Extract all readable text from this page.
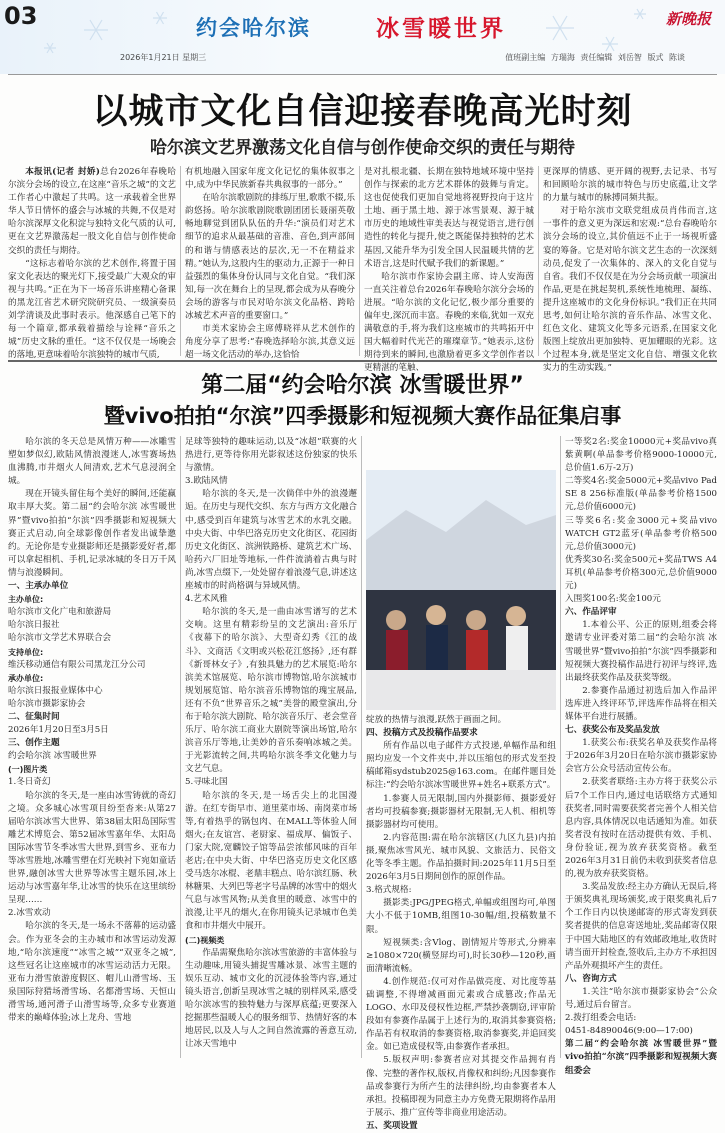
03	约会哈尔滨	冰雪暖世界	新晚报
2026年1月21日 星期三	值班副主编 方瑞海 责任编辑 刘岳智 版式 陈谈
以城市文化自信迎接春晚高光时刻
哈尔滨文艺界激荡文化自信与创作使命交织的责任与期待

本报讯(记者 封娇)总台2026年春晚哈尔滨分会场的设立,在这座“音乐之城”的文艺工作者心中激起了共鸣。这一承载着全世界华人节日情怀的盛会与冰城的共舞,不仅是对哈尔滨深厚文化积淀与独特文化气质的认可,更在文艺界激荡起一股文化自信与创作使命交织的责任与期待。

“这标志着哈尔滨的艺术创作,将置于国家文化表达的聚光灯下,接受最广大观众的审视与共鸣。”正在为下一场音乐讲座精心备课的黑龙江省艺术研究院研究员、一级演奏员刘学清谈及此事时表示。他深感自己笔下的每一个篇章,都承载着描绘与诠释“音乐之城”历史文脉的重任。“这不仅仅是一场晚会的落地,更意味着哈尔滨独特的城市气质,

有机地融入国家年度文化记忆的集体叙事之中,成为中华民族新春共典叙事的一部分。”

在哈尔滨歌剧院的排练厅里,歌歌不辍,乐韵悠扬。哈尔滨歌剧院歌剧团团长聂丽英敬畅地聊觉到团队队伍的升华:“演员们对艺术细节的追求从最基础的音准、音色,到声部间的和谐与情感表达的层次,无一不在精益求精。”她认为,这股内生的驱动力,正源于一种日益强烈的集体身份认同与文化自觉。“我们深知,每一次在舞台上的呈现,都会成为从春晚分会场的游客与市民对哈尔滨文化品格、跨哈冰城艺术声音的重要窗口。”

市美术家协会主席傅晓祥从艺术创作的角度分享了思考:“春晚选择哈尔滨,其意义远超一场文化活动的举办,这恰恰

是对扎根北疆、长期在独特地域环境中坚持创作与探索的北方艺术群体的鼓舞与肯定。这也促使我们更加自觉地将视野投向于这片土地、画于黑土地、源于冰雪景观、源于城市历史的地域性审美表达与视觉语言,进行创造性的转化与提升,使之既能保持独特的艺术基因,又能升华为引发全国人民温暖共情的艺术语言,这是时代赋予我们的新课题。”

哈尔滨市作家协会副主席、诗人安海茵一直关注着总台2026年春晚哈尔滨分会场的进展。“哈尔滨的文化记忆,极少部分重要的偏年史,深沉而丰富。春晚的来临,犹如一双充满敬意的手,将为我们这座城市的共鸣拓开中国大幅着时代光芒的璀璨章节。”她表示,这份期待到来的瞬间,也激励着更多文学创作者以更精湛的笔触、

更深厚的情感、更开阔的视野,去记录、书写和回顾哈尔滨的城市特色与历史底蕴,让文学的力量与城市的脉搏同频共振。

对于哈尔滨市文联党组成员肖伟而言,这一事件的意义更为深远和宏观:“总台春晚哈尔滨分会场的设立,其价值远不止于一场视听盛宴的筹备。它是对哈尔滨文艺生态的一次深刻动员,促发了一次集体的、深入的文化自觉与自省。我们不仅仅是在为分会场贡献一项演出作品,更是在挑起契机,系统性地梳理、凝练、提升这座城市的文化身份标识。”我们正在共同思考,如何让哈尔滨的音乐作品、冰雪文化、红色文化、建筑文化等多元语系,在国家文化版图上绽放出更加独特、更加耀眼的光彩。这个过程本身,就是坚定文化自信、增强文化软实力的生动实践。”

第二届“约会哈尔滨 冰雪暖世界”
暨vivo拍拍“尔滨”四季摄影和短视频大赛作品征集启事

哈尔滨的冬天总是风情万种——冰雕雪塑如梦似幻,欧陆风情浪漫迷人,冰雪赛场热血沸腾,市井烟火人间清欢,艺术气息浸润全城。

现在开镜头留住每个美好的瞬间,还能赢取丰厚大奖。第二届“约会哈尔滨 冰雪暖世界”暨vivo拍拍“尔滨”四季摄影和短视频大赛正式启动,向全球影像创作者发出诚挚邀约。无论你是专业摄影师还是摄影爱好者,都可以拿起相机、手机,记录冰城的冬日万千风情与浪漫瞬间。

一、主承办单位

主办单位:

哈尔滨市文化广电和旅游局

哈尔滨日报社

哈尔滨市文学艺术界联合会

支持单位:

维沃移动通信有限公司黑龙江分公司

承办单位:

哈尔滨日报报业媒体中心

哈尔滨市摄影家协会

二、征集时间

2026年1月20日至3月5日

三、创作主题

约会哈尔滨 冰雪暖世界

(一)图片类

1.冬日奇幻

哈尔滨的冬天,是一座由冰雪铸就的奇幻之境。众多城心冰雪项目纷至沓来:从第27届哈尔滨冰雪大世界、第38届太阳岛国际雪雕艺术博览会、第52届冰雪嘉年华、太阳岛国际冰雪节冬季冰雪大世界,到雪乡、亚布力等冰雪胜地,冰雕雪塑在灯光映衬下宛如童话世界,融创冰雪大世界等冰雪主题乐园,冰上运动与冰雪嘉年华,让冰雪的快乐在这里缤纷呈现……

2.冰雪欢动

哈尔滨的冬天,是一场永不落幕的运动盛会。作为亚冬会的主办城市和冰雪运动发源地,“哈尔滨速度”“冰雪之城”“双亚冬之城”,这些冠名让这座城市的冰雪运动活力无限。亚布力滑雪旅游度假区、帽儿山滑雪场、玉泉国际狩猎场滑雪场、名都滑雪场、天恒山滑雪场,通河滑子山滑雪场等,众多专业赛道带来的巅峰体验;冰上龙舟、雪地

足球等独特的趣味运动,以及“冰超”联赛的火热进行,更等待你用光影叙述这份独家的快乐与激情。

3.欧陆风情

哈尔滨的冬天,是一次倘佯中外的浪漫邂逅。在历史与现代交织、东方与西方文化融合中,感受到百年建筑与冰雪艺术的水乳交融。中央大街、中华巴洛克历史文化街区、花园街历史文化街区、滨洲铁路桥、建筑艺术广场、哈药六厂旧址等地标,一件件流淌着古典与时尚,冰雪点缀下,一处处留存着浪漫气息,讲述这座城市的时尚格调与异域风情。

4.艺术风雅

哈尔滨的冬天,是一曲由冰雪谱写的艺术交响。这里有精彩纷呈的文艺演出:音乐厅《夜幕下的哈尔滨》、大型奇幻秀《江的战斗》、文商活《文明或兴松花江悠扬》,还有群《新哥林女子》,有独具魅力的艺术展览:哈尔滨美术馆展览、哈尔滨市博物馆,哈尔滨城市规划展览馆、哈尔滨音乐博物馆的瑰宝展品,还有不负“世界音乐之城”美誉的殿堂演出,分布于哈尔滨大剧院、哈尔滨音乐厅、老会堂音乐厅、哈尔滨工商业大剧院等演出场馆,哈尔滨音乐厅等地,让美妙的音乐奏响冰城之美。于光影流转之间,共鸣哈尔滨冬季文化魅力与文艺气息。

5.寻味北国

哈尔滨的冬天,是一场舌尖上的北国漫游。在红专街早市、道里菜市场、南岗菜市场等,有着热乎的锅包肉、在MALL等体验人间烟火;在友谊宫、老厨家、福成厚、偏饭子、门家大院,宽麟饺子馆等品尝浓郁风味的百年老店;在中央大街、中华巴洛克历史文化区感受马迭尔冰棍、老鼎丰糕点、哈尔滨红肠、秋林糖果、大列巴等老字号品牌的冰雪中的烟火气息与冰雪风物;从美食里的暖意、冰雪中的浪漫,让平凡的烟火,在你用镜头记录城市色美食和市井烟火中展开。

(二)视频类

作品需聚焦哈尔滨冰雪旅游的丰富体验与生动趣味,用镜头捕捉雪雕冰景、冰雪主题的娱乐互动、城市文化的沉浸体验等内容,通过镜头语言,创新呈现冰雪之城的别样风采,感受哈尔滨冰雪的独特魅力与深厚底蕴;更要深入挖掘那些温暖人心的服务细节、热情好客的本地居民,以及人与人之间自然流露的善意互动,让冰天雪地中

绽放的热情与浪漫,跃然于画面之间。

四、投稿方式及投稿作品要求

所有作品以电子邮件方式投递,单幅作品和组照均应发一个文件夹中,并以压缩包的形式发至投稿邮箱sydstub2025@163.com。在邮件题目处标注:“约会哈尔滨冰雪暖世界+姓名+联系方式”。

1.参赛人员无限制,国内外摄影师、摄影爱好者均可投稿参赛;摄影器材无限制,无人机、相机等摄影器材均可使用。

2.内容范围:需在哈尔滨辖区(九区九县)内拍摄,聚焦冰雪风光、城市风貌、文旅活力、民俗文化等冬季主题。作品拍摄时间:2025年11月5日至2026年3月5日期间创作的原创作品。

3.格式规格:

摄影类:JPG/JPEG格式,单幅或组图均可,单图大小不低于10MB,组图10-30幅/组,投稿数量不限。

短视频类:含Vlog、剧情短片等形式,分辨率≥1080×720(横竖屏均可),时长30秒—120秒,画面清晰流畅。

4.创作规范:仅可对作品做亮度、对比度等基础调整,不得增减画面元素或合成篡改;作品无LOGO、水印及侵权性边框,严禁抄袭剽窃,评审阶段如有参赛作品属于上述行为的,取消其参赛资格;作品若有权取消的参赛资格,取消参赛奖,并追回奖金。如已造成侵权等,由参赛作者承担。

5.版权声明:参赛者应对其提交作品拥有肖像、完整的著作权,版权,肖像权和纠纷;凡因参赛作品或参赛行为所产生的法律纠纷,均由参赛者本人承担。投稿即视为同意主办方免费无限期将作品用于展示、推广宣传等非商业用途活动。

五、奖项设置

一等奖2名:奖金10000元+奖品vivo真紫黄啊(单品参考价格9000-10000元,总价值1.6万-2万)

二等奖4名:奖金5000元+奖品vivo Pad SE 8 256标准版(单品参考价格1500元,总价值6000元)

三等奖6名:奖金3000元+奖品vivo WATCH GT2蓝牙(单品参考价格500元,总价值3000元)

优秀奖30名:奖金500元+奖品TWS A4耳机(单品参考价格300元,总价值9000元)

入围奖100名:奖金100元

六、作品评审

1.本着公平、公正的原则,组委会将邀请专业评委对第二届“约会哈尔滨 冰雪暖世界”暨vivo拍拍“尔滨”四季摄影和短视频大赛投稿作品进行初评与终评,选出最终获奖作品及获奖等级。

2.参赛作品通过初选后加入作品评选库进入终评环节,评选库作品将在相关媒体平台进行展播。

七、获奖公布及奖品发放

1.获奖公布:获奖名单及获奖作品将于2026年3月20日在哈尔滨市摄影家协会官方公众号活动宣传公布。

2.获奖者联络:主办方将于获奖公示后7个工作日内,通过电话联络方式通知获奖者,同时需要获奖者完善个人相关信息内容,具体情况以电话通知为准。如获奖者没有按时在活动提供有效、手机、身份验证,视为放弃获奖资格。截至2026年3月31日前仍未收到获奖者信息的,视为放弃获奖资格。

3.奖品发放:经主办方确认无误后,将于颁奖典礼现场颁奖,或于限奖典礼后7个工作日内以快递邮寄的形式寄发到获奖者提供的信息寄送地址,奖品邮寄仅限于中国大陆地区的有效邮政地址,收货时请当面开封检查,签收后,主办方不承担因产品外观损坏产生的责任。

八、咨询方式

1.关注“哈尔滨市摄影家协会”公众号,通过后台留言。

2.拨打组委会电话:

0451-84890046(9:00—17:00)

第二届“约会哈尔滨 冰雪暖世界”暨vivo拍拍“尔滨”四季摄影和短视频大赛组委会
